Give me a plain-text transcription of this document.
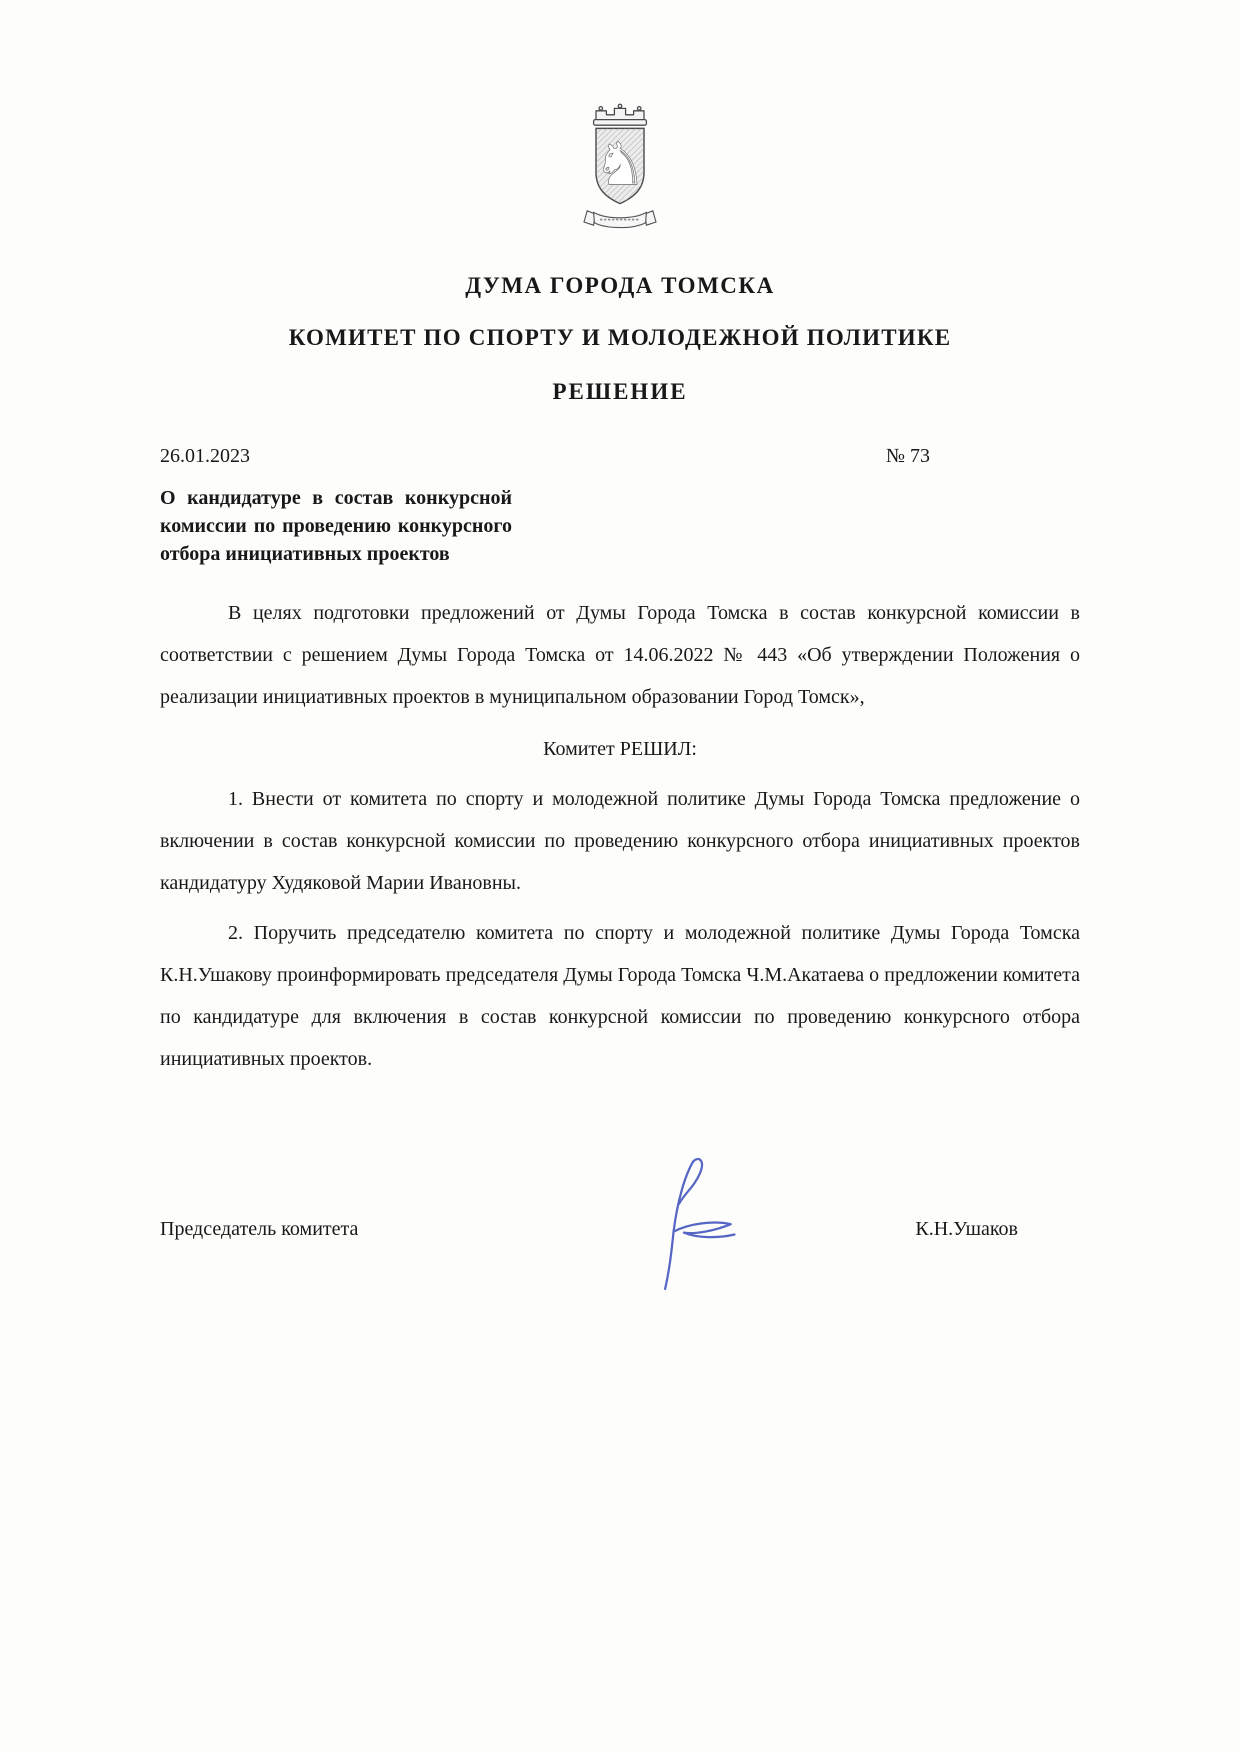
♞
ДУМА ГОРОДА ТОМСКА
КОМИТЕТ ПО СПОРТУ И МОЛОДЕЖНОЙ ПОЛИТИКЕ
РЕШЕНИЕ
26.01.2023	№ 73
О кандидатуре в состав конкурсной комиссии по проведению конкурсного отбора инициативных проектов

В целях подготовки предложений от Думы Города Томска в состав конкурсной комиссии в соответствии с решением Думы Города Томска от 14.06.2022 № 443 «Об утверждении Положения о реализации инициативных проектов в муниципальном образовании Город Томск»,

Комитет РЕШИЛ:

1. Внести от комитета по спорту и молодежной политике Думы Города Томска предложение о включении в состав конкурсной комиссии по проведению конкурсного отбора инициативных проектов кандидатуру Худяковой Марии Ивановны.

2. Поручить председателю комитета по спорту и молодежной политике Думы Города Томска К.Н.Ушакову проинформировать председателя Думы Города Томска Ч.М.Акатаева о предложении комитета по кандидатуре для включения в состав конкурсной комиссии по проведению конкурсного отбора инициативных проектов.

Председатель комитета	К.Н.Ушаков
